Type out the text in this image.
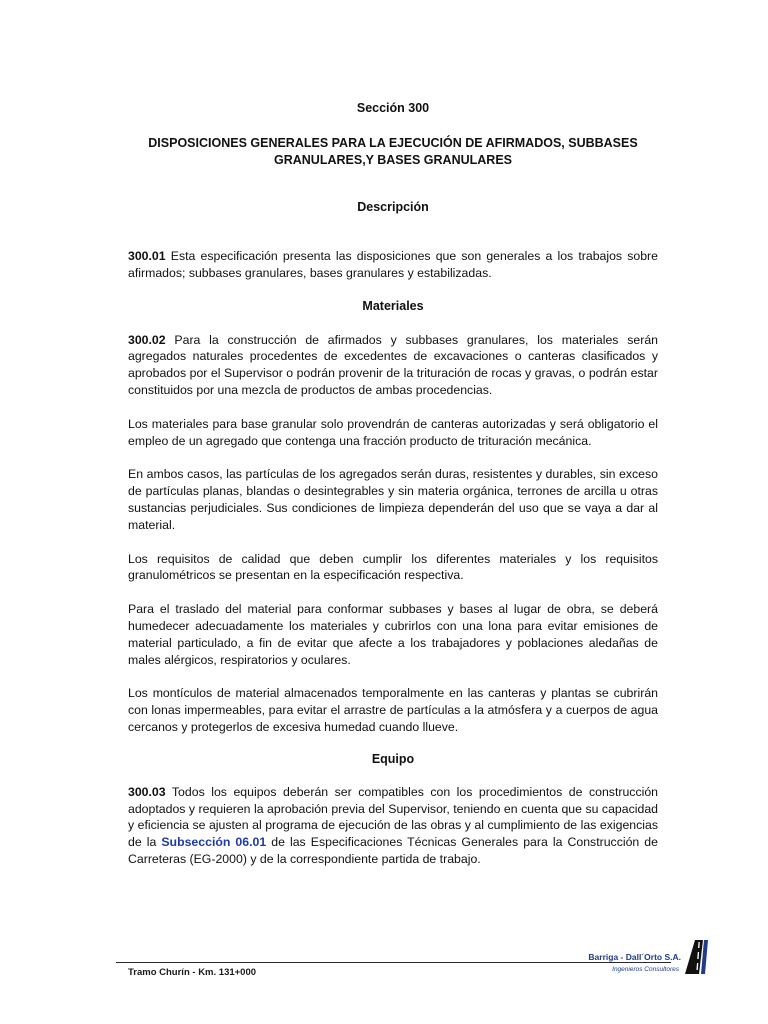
Sección 300
DISPOSICIONES GENERALES PARA LA EJECUCIÓN DE AFIRMADOS, SUBBASES
GRANULARES,Y BASES GRANULARES
Descripción

300.01 Esta especificación presenta las disposiciones que son generales a los trabajos sobre afirmados; subbases granulares, bases granulares y estabilizadas.

Materiales

300.02 Para la construcción de afirmados y subbases granulares, los materiales serán agregados naturales procedentes de excedentes de excavaciones o canteras clasificados y aprobados por el Supervisor o podrán provenir de la trituración de rocas y gravas, o podrán estar constituidos por una mezcla de productos de ambas procedencias.

Los materiales para base granular solo provendrán de canteras autorizadas y será obligatorio el empleo de un agregado que contenga una fracción producto de trituración mecánica.

En ambos casos, las partículas de los agregados serán duras, resistentes y durables, sin exceso de partículas planas, blandas o desintegrables y sin materia orgánica, terrones de arcilla u otras sustancias perjudiciales. Sus condiciones de limpieza dependerán del uso que se vaya a dar al material.

Los requisitos de calidad que deben cumplir los diferentes materiales y los requisitos granulométricos se presentan en la especificación respectiva.

Para el traslado del material para conformar subbases y bases al lugar de obra, se deberá humedecer adecuadamente los materiales y cubrirlos con una lona para evitar emisiones de material particulado, a fin de evitar que afecte a los trabajadores y poblaciones aledañas de males alérgicos, respiratorios y oculares.

Los montículos de material almacenados temporalmente en las canteras y plantas se cubrirán con lonas impermeables, para evitar el arrastre de partículas a la atmósfera y a cuerpos de agua cercanos y protegerlos de excesiva humedad cuando llueve.

Equipo

300.03 Todos los equipos deberán ser compatibles con los procedimientos de construcción adoptados y requieren la aprobación previa del Supervisor, teniendo en cuenta que su capacidad y eficiencia se ajusten al programa de ejecución de las obras y al cumplimiento de las exigencias de la Subsección 06.01 de las Especificaciones Técnicas Generales para la Construcción de Carreteras (EG-2000) y de la correspondiente partida de trabajo.

Tramo Churín - Km. 131+000
Barriga - Dall´Orto S.A.
Ingenieros Consultores
